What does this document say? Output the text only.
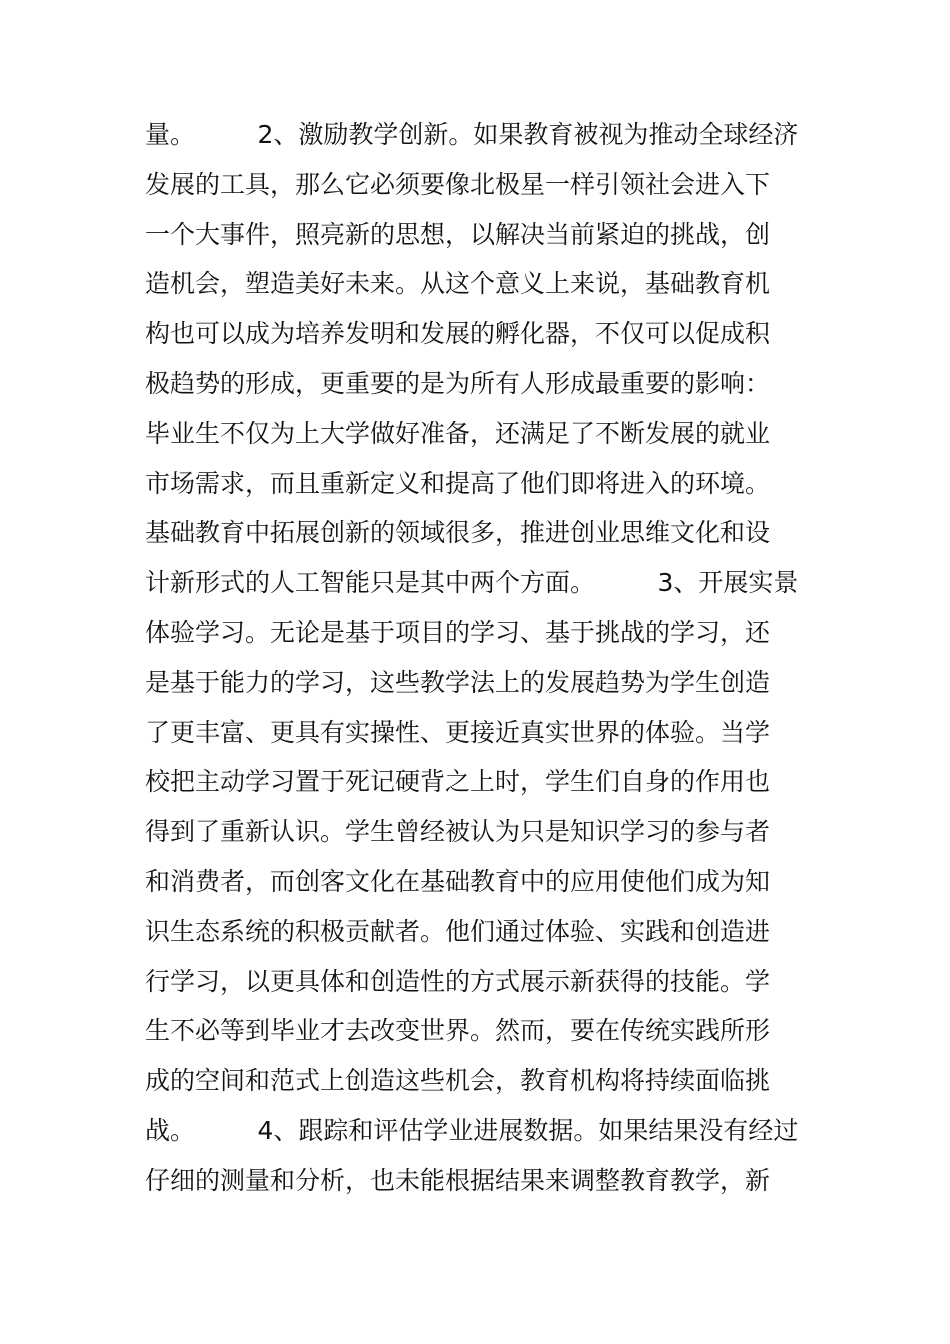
量。　　　2、激励教学创新。如果教育被视为推动全球经济
发展的工具，那么它必须要像北极星一样引领社会进入下
一个大事件，照亮新的思想，以解决当前紧迫的挑战，创
造机会，塑造美好未来。从这个意义上来说，基础教育机
构也可以成为培养发明和发展的孵化器，不仅可以促成积
极趋势的形成，更重要的是为所有人形成最重要的影响：
毕业生不仅为上大学做好准备，还满足了不断发展的就业
市场需求，而且重新定义和提高了他们即将进入的环境。
基础教育中拓展创新的领域很多，推进创业思维文化和设
计新形式的人工智能只是其中两个方面。　　　3、开展实景
体验学习。无论是基于项目的学习、基于挑战的学习，还
是基于能力的学习，这些教学法上的发展趋势为学生创造
了更丰富、更具有实操性、更接近真实世界的体验。当学
校把主动学习置于死记硬背之上时，学生们自身的作用也
得到了重新认识。学生曾经被认为只是知识学习的参与者
和消费者，而创客文化在基础教育中的应用使他们成为知
识生态系统的积极贡献者。他们通过体验、实践和创造进
行学习，以更具体和创造性的方式展示新获得的技能。学
生不必等到毕业才去改变世界。然而，要在传统实践所形
成的空间和范式上创造这些机会，教育机构将持续面临挑
战。　　　4、跟踪和评估学业进展数据。如果结果没有经过
仔细的测量和分析，也未能根据结果来调整教育教学，新
